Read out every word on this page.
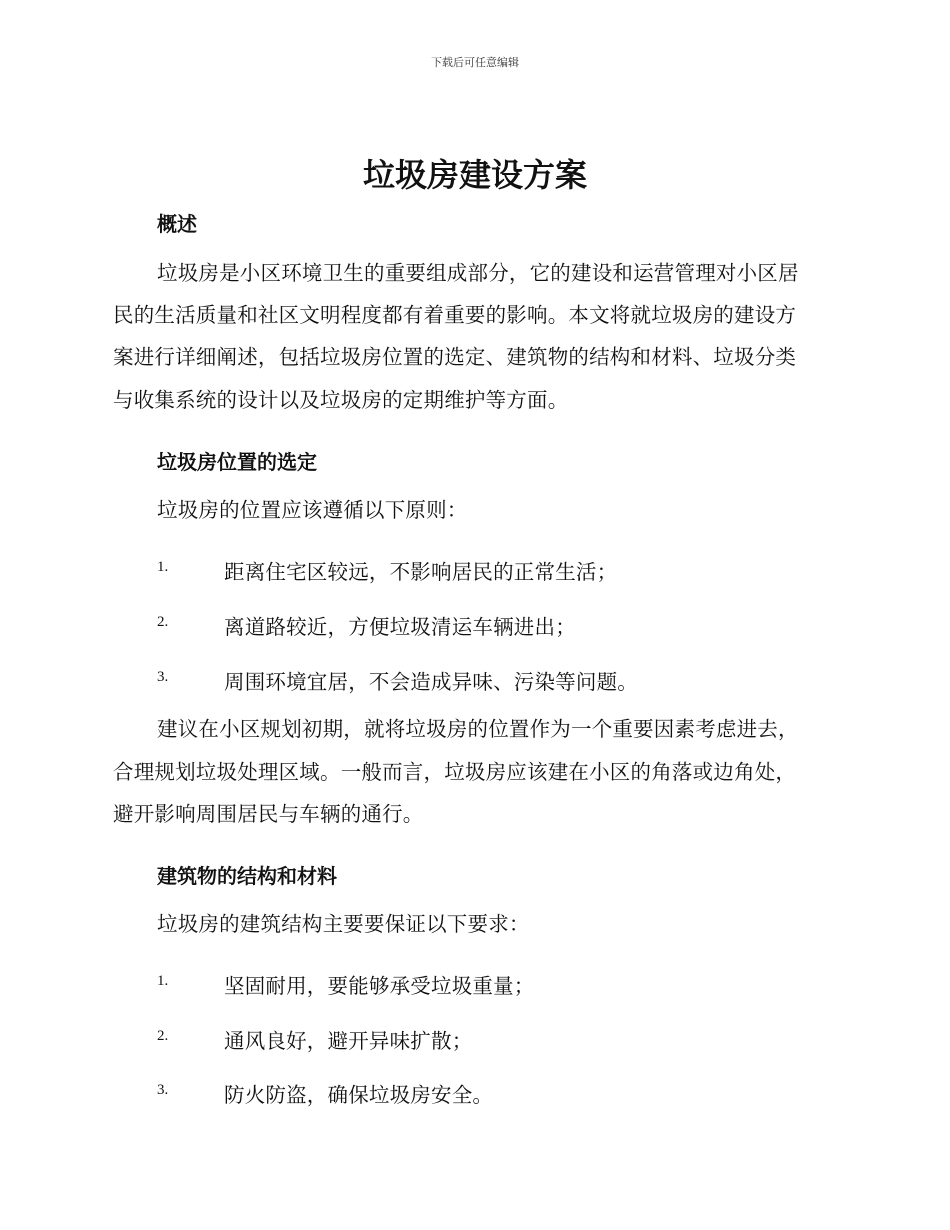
下载后可任意编辑
垃圾房建设方案
概述
垃圾房是小区环境卫生的重要组成部分，它的建设和运营管理对小区居
民的生活质量和社区文明程度都有着重要的影响。本文将就垃圾房的建设方
案进行详细阐述，包括垃圾房位置的选定、建筑物的结构和材料、垃圾分类
与收集系统的设计以及垃圾房的定期维护等方面。
垃圾房位置的选定
垃圾房的位置应该遵循以下原则：
1.	距离住宅区较远，不影响居民的正常生活；
2.	离道路较近，方便垃圾清运车辆进出；
3.	周围环境宜居，不会造成异味、污染等问题。
建议在小区规划初期，就将垃圾房的位置作为一个重要因素考虑进去，
合理规划垃圾处理区域。一般而言，垃圾房应该建在小区的角落或边角处，
避开影响周围居民与车辆的通行。
建筑物的结构和材料
垃圾房的建筑结构主要要保证以下要求：
1.	坚固耐用，要能够承受垃圾重量；
2.	通风良好，避开异味扩散；
3.	防火防盗，确保垃圾房安全。
